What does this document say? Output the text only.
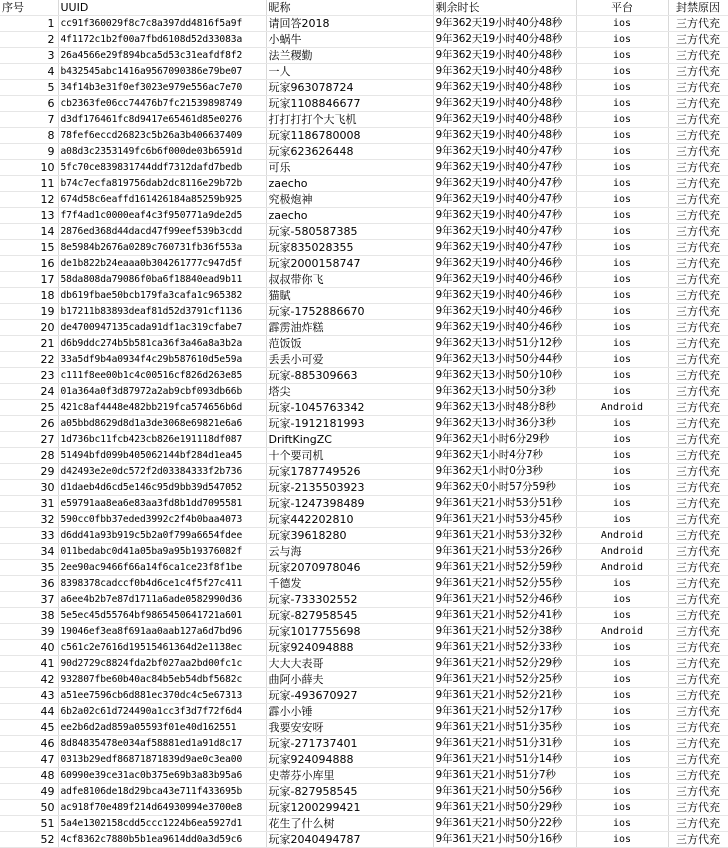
序号	UUID	昵称	剩余时长	平台	封禁原因
1	cc91f360029f8c7c8a397dd4816f5a9f	请回答2018	9年362天19小时40分48秒	ios	三方代充
2	4f1172c1b2f00a7fbd6108d52d33083a	小蜗牛	9年362天19小时40分48秒	ios	三方代充
3	26a4566e29f894bca5d53c31eafdf8f2	法兰稷勤	9年362天19小时40分48秒	ios	三方代充
4	b432545abc1416a9567090386e79be07	一人	9年362天19小时40分48秒	ios	三方代充
5	34f14b3e31f0ef3023e979e556ac7e70	玩家963078724	9年362天19小时40分48秒	ios	三方代充
6	cb2363fe06cc74476b7fc21539898749	玩家1108846677	9年362天19小时40分48秒	ios	三方代充
7	d3df176461fc8d9417e65461d85e0276	打打打打个大飞机	9年362天19小时40分48秒	ios	三方代充
8	78fef6eccd26823c5b26a3b406637409	玩家1186780008	9年362天19小时40分48秒	ios	三方代充
9	a08d3c2353149fc6b6f000de03b6591d	玩家623626448	9年362天19小时40分47秒	ios	三方代充
10	5fc70ce839831744ddf7312dafd7bedb	可乐	9年362天19小时40分47秒	ios	三方代充
11	b74c7ecfa819756dab2dc8116e29b72b	zaecho	9年362天19小时40分47秒	ios	三方代充
12	674d58c6eaffd161426184a85259b925	究极炮神	9年362天19小时40分47秒	ios	三方代充
13	f7f4ad1c0000eaf4c3f950771a9de2d5	zaecho	9年362天19小时40分47秒	ios	三方代充
14	2876ed368d44dacd47f99eef539b3cdd	玩家-580587385	9年362天19小时40分47秒	ios	三方代充
15	8e5984b2676a0289c760731fb36f553a	玩家835028355	9年362天19小时40分47秒	ios	三方代充
16	de1b822b24eaaa0b304261777c947d5f	玩家2000158747	9年362天19小时40分46秒	ios	三方代充
17	58da808da79086f0ba6f18840ead9b11	叔叔带你飞	9年362天19小时40分46秒	ios	三方代充
18	db619fbae50bcb179fa3cafa1c965382	猫賦	9年362天19小时40分46秒	ios	三方代充
19	b17211b83893deaf81d52d3791cf1136	玩家-1752886670	9年362天19小时40分46秒	ios	三方代充
20	de4700947135cada91df1ac319cfabe7	霹雳油炸糕	9年362天19小时40分46秒	ios	三方代充
21	d6b9ddc274b5b581ca36f3a46a8a3b2a	范饭饭	9年362天13小时51分12秒	ios	三方代充
22	33a5df9b4a0934f4c29b587610d5e59a	丢丢小可爱	9年362天13小时50分44秒	ios	三方代充
23	c111f8ee00b1c4c00516cf826d263e85	玩家-885309663	9年362天13小时50分10秒	ios	三方代充
24	01a364a0f3d87972a2ab9cbf093db66b	塔尖	9年362天13小时50分3秒	ios	三方代充
25	421c8af4448e482bb219fca574656b6d	玩家-1045763342	9年362天13小时48分8秒	Android	三方代充
26	a05bbd8629d8d1a3de3068e69821e6a6	玩家-1912181993	9年362天13小时36分3秒	ios	三方代充
27	1d736bc11fcb423cb826e191118df087	DriftKingZC	9年362天1小时6分29秒	ios	三方代充
28	51494bfd099b405062144bf284d1ea45	十个要司机	9年362天1小时4分7秒	ios	三方代充
29	d42493e2e0dc572f2d03384333f2b736	玩家1787749526	9年362天1小时0分3秒	ios	三方代充
30	d1daeb4d6cd5e146c95d9bb39d547052	玩家-2135503923	9年362天0小时57分59秒	ios	三方代充
31	e59791aa8ea6e83aa3fd8b1dd7095581	玩家-1247398489	9年361天21小时53分51秒	ios	三方代充
32	590cc0fbb37eded3992c2f4b0baa4073	玩家442202810	9年361天21小时53分45秒	ios	三方代充
33	d6dd41a93b919c5b2a0f799a6654fdee	玩家39618280	9年361天21小时53分32秒	Android	三方代充
34	011bedabc0d41a05ba9a95b19376082f	云与海	9年361天21小时53分26秒	Android	三方代充
35	2ee90ac9466f66a14f6ca1ce23f8f1be	玩家2070978046	9年361天21小时52分59秒	Android	三方代充
36	8398378cadccf0b4d6ce1c4f5f27c411	千德发	9年361天21小时52分55秒	ios	三方代充
37	a6ee4b2b7e87d1711a6ade0582990d36	玩家-733302552	9年361天21小时52分46秒	ios	三方代充
38	5e5ec45d55764bf9865450641721a601	玩家-827958545	9年361天21小时52分41秒	ios	三方代充
39	19046ef3ea8f691aa0aab127a6d7bd96	玩家1017755698	9年361天21小时52分38秒	Android	三方代充
40	c561c2e7616d19515461364d2e1138ec	玩家924094888	9年361天21小时52分33秒	ios	三方代充
41	90d2729c8824fda2bf027aa2bd00fc1c	大大大表哥	9年361天21小时52分29秒	ios	三方代充
42	932807fbe60b40ac84b5eb54dbf5682c	曲阿小薛夫	9年361天21小时52分25秒	ios	三方代充
43	a51ee7596cb6d881ec370dc4c5e67313	玩家-493670927	9年361天21小时52分21秒	ios	三方代充
44	6b2a02c61d724490a1cc3f3d7f72f6d4	霹小小锤	9年361天21小时52分17秒	ios	三方代充
45	ee2b6d2ad859a05593f01e40d162551	我要安安呀	9年361天21小时51分35秒	ios	三方代充
46	8d84835478e034af58881ed1a91d8c17	玩家-271737401	9年361天21小时51分31秒	ios	三方代充
47	0313b29edf86871871839d9ae0c3ea00	玩家924094888	9年361天21小时51分14秒	ios	三方代充
48	60990e39ce31ac0b375e69b3a83b95a6	史蒂芬小库里	9年361天21小时51分7秒	ios	三方代充
49	adfe8106de18d29bca43e711f433695b	玩家-827958545	9年361天21小时50分56秒	ios	三方代充
50	ac918f70e489f214d64930994e3700e8	玩家1200299421	9年361天21小时50分29秒	ios	三方代充
51	5a4e1302158cdd5ccc1224b6ea5927d1	花生了什么树	9年361天21小时50分22秒	ios	三方代充
52	4cf8362c7880b5b1ea9614dd0a3d59c6	玩家2040494787	9年361天21小时50分16秒	ios	三方代充
